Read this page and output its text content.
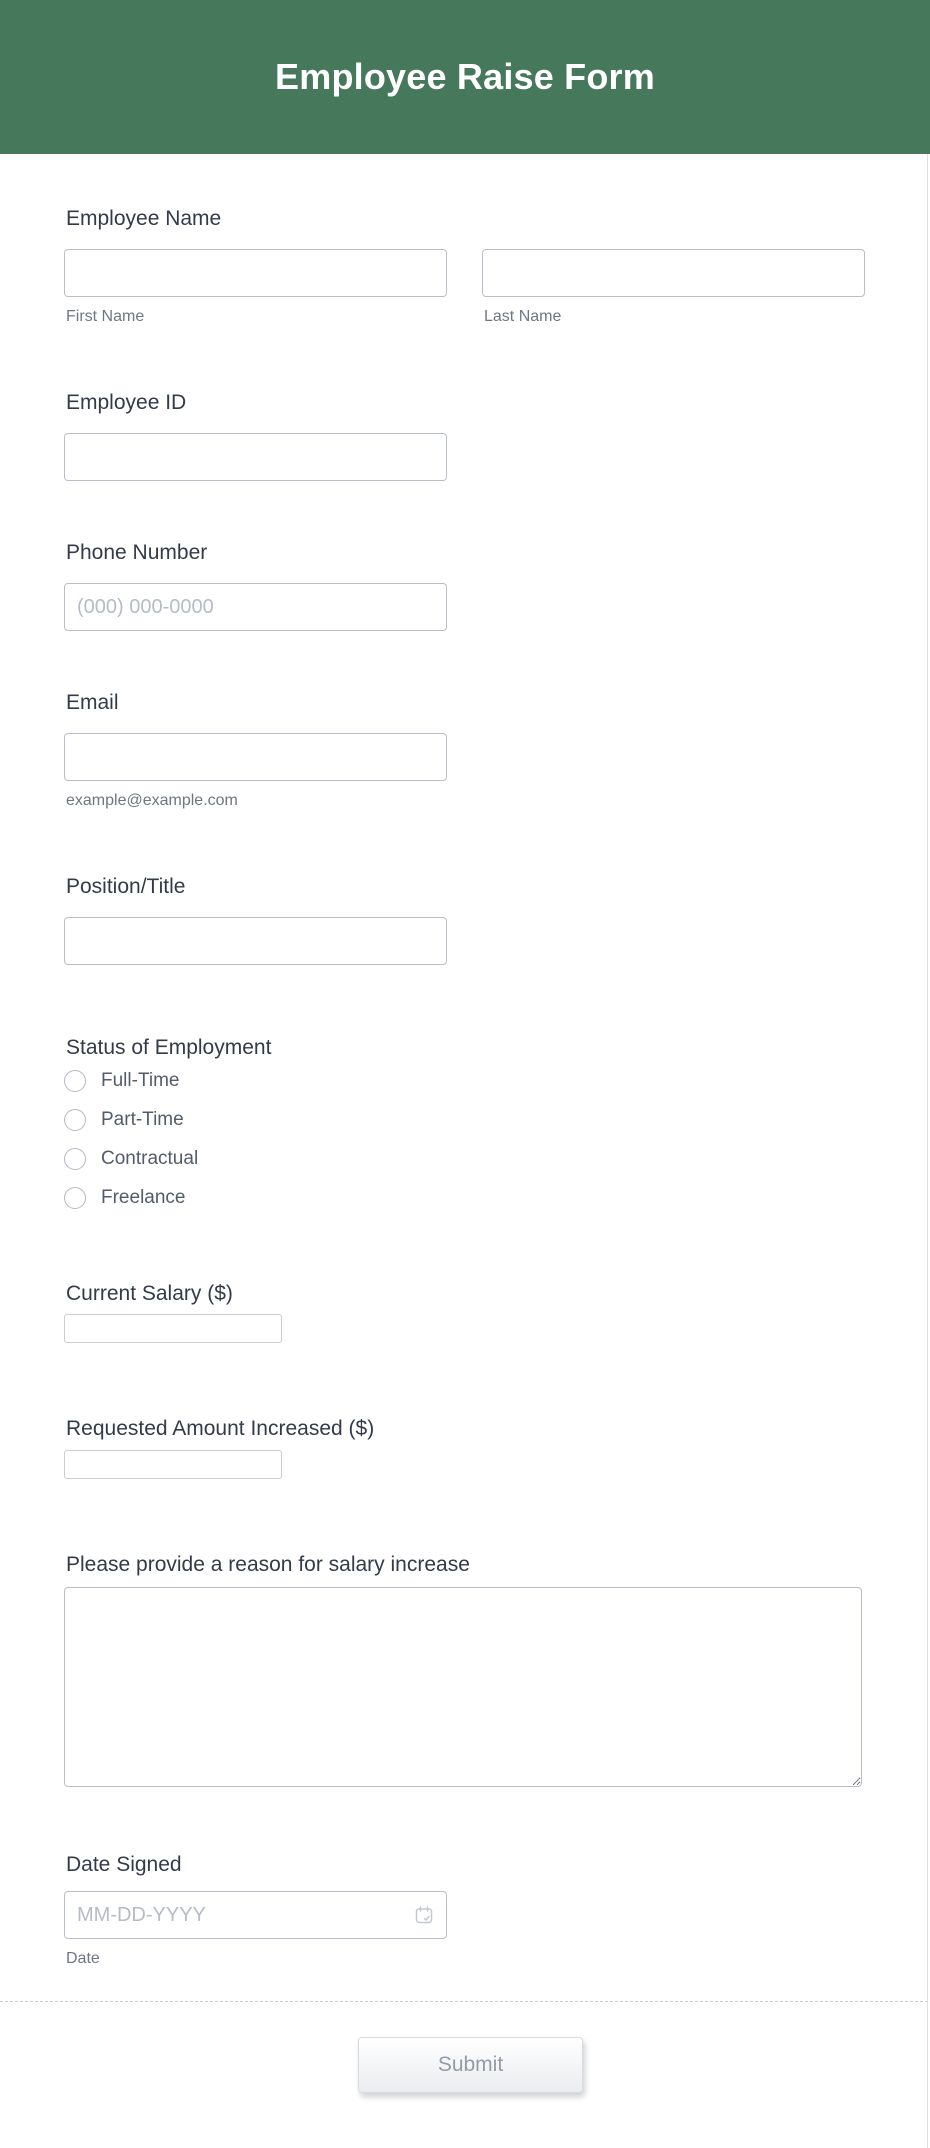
Employee Raise Form
Employee Name
First Name	Last Name
Employee ID
Phone Number
(000) 000-0000
Email
example@example.com
Position/Title
Status of Employment
Full-Time
Part-Time
Contractual
Freelance
Current Salary ($)
Requested Amount Increased ($)
Please provide a reason for salary increase
Date Signed
MM-DD-YYYY
Date
Submit
